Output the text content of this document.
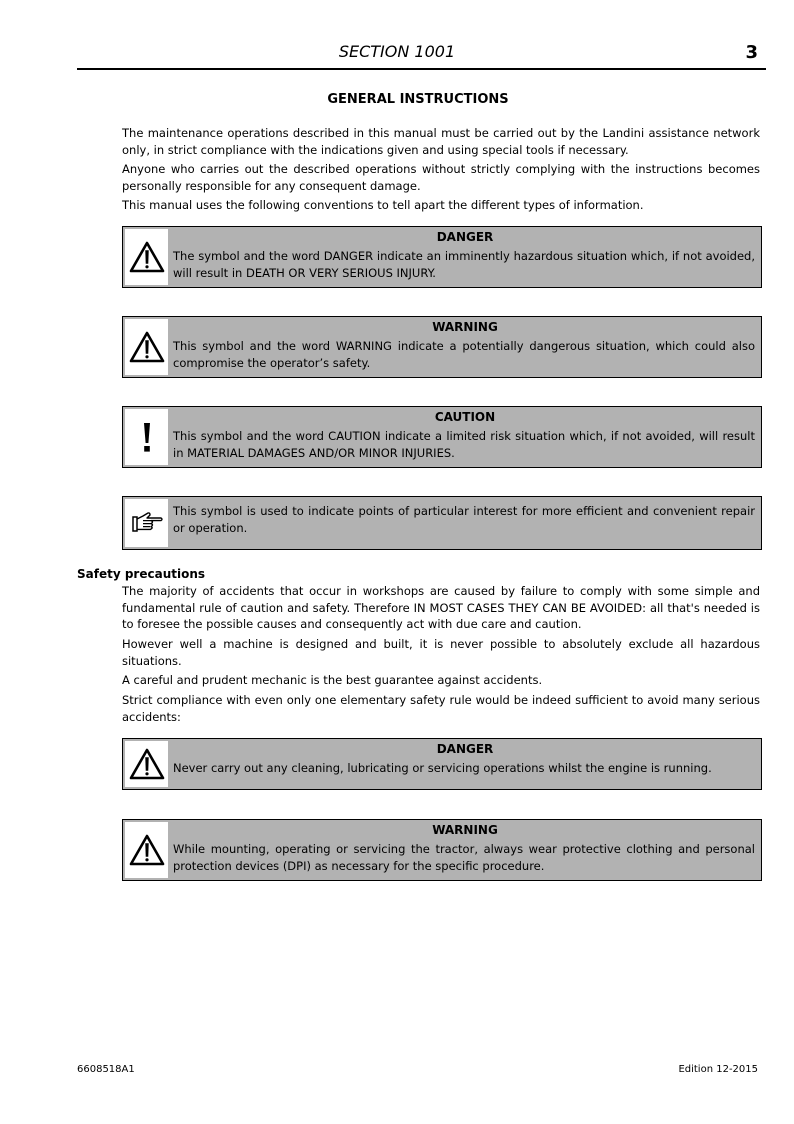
SECTION 1001	3
GENERAL INSTRUCTIONS

The maintenance operations described in this manual must be carried out by the Landini assistance network only, in strict compliance with the indications given and using special tools if necessary.

Anyone who carries out the described operations without strictly complying with the instructions becomes personally responsible for any consequent damage.

This manual uses the following conventions to tell apart the different types of information.

DANGER

The symbol and the word DANGER indicate an imminently hazardous situation which, if not avoided, will result in DEATH OR VERY SERIOUS INJURY.

WARNING

This symbol and the word WARNING indicate a potentially dangerous situation, which could also compromise the operator’s safety.

CAUTION

This symbol and the word CAUTION indicate a limited risk situation which, if not avoided, will result in MATERIAL DAMAGES AND/OR MINOR INJURIES.

This symbol is used to indicate points of particular interest for more efficient and convenient repair or operation.

Safety precautions

The majority of accidents that occur in workshops are caused by failure to comply with some simple and fundamental rule of caution and safety. Therefore IN MOST CASES THEY CAN BE AVOIDED: all that's needed is to foresee the possible causes and consequently act with due care and caution.

However well a machine is designed and built, it is never possible to absolutely exclude all hazardous situations.

A careful and prudent mechanic is the best guarantee against accidents.

Strict compliance with even only one elementary safety rule would be indeed sufficient to avoid many serious accidents:

DANGER

Never carry out any cleaning, lubricating or servicing operations whilst the engine is running.

WARNING

While mounting, operating or servicing the tractor, always wear protective clothing and personal protection devices (DPI) as necessary for the specific procedure.

6608518A1	Edition 12-2015
